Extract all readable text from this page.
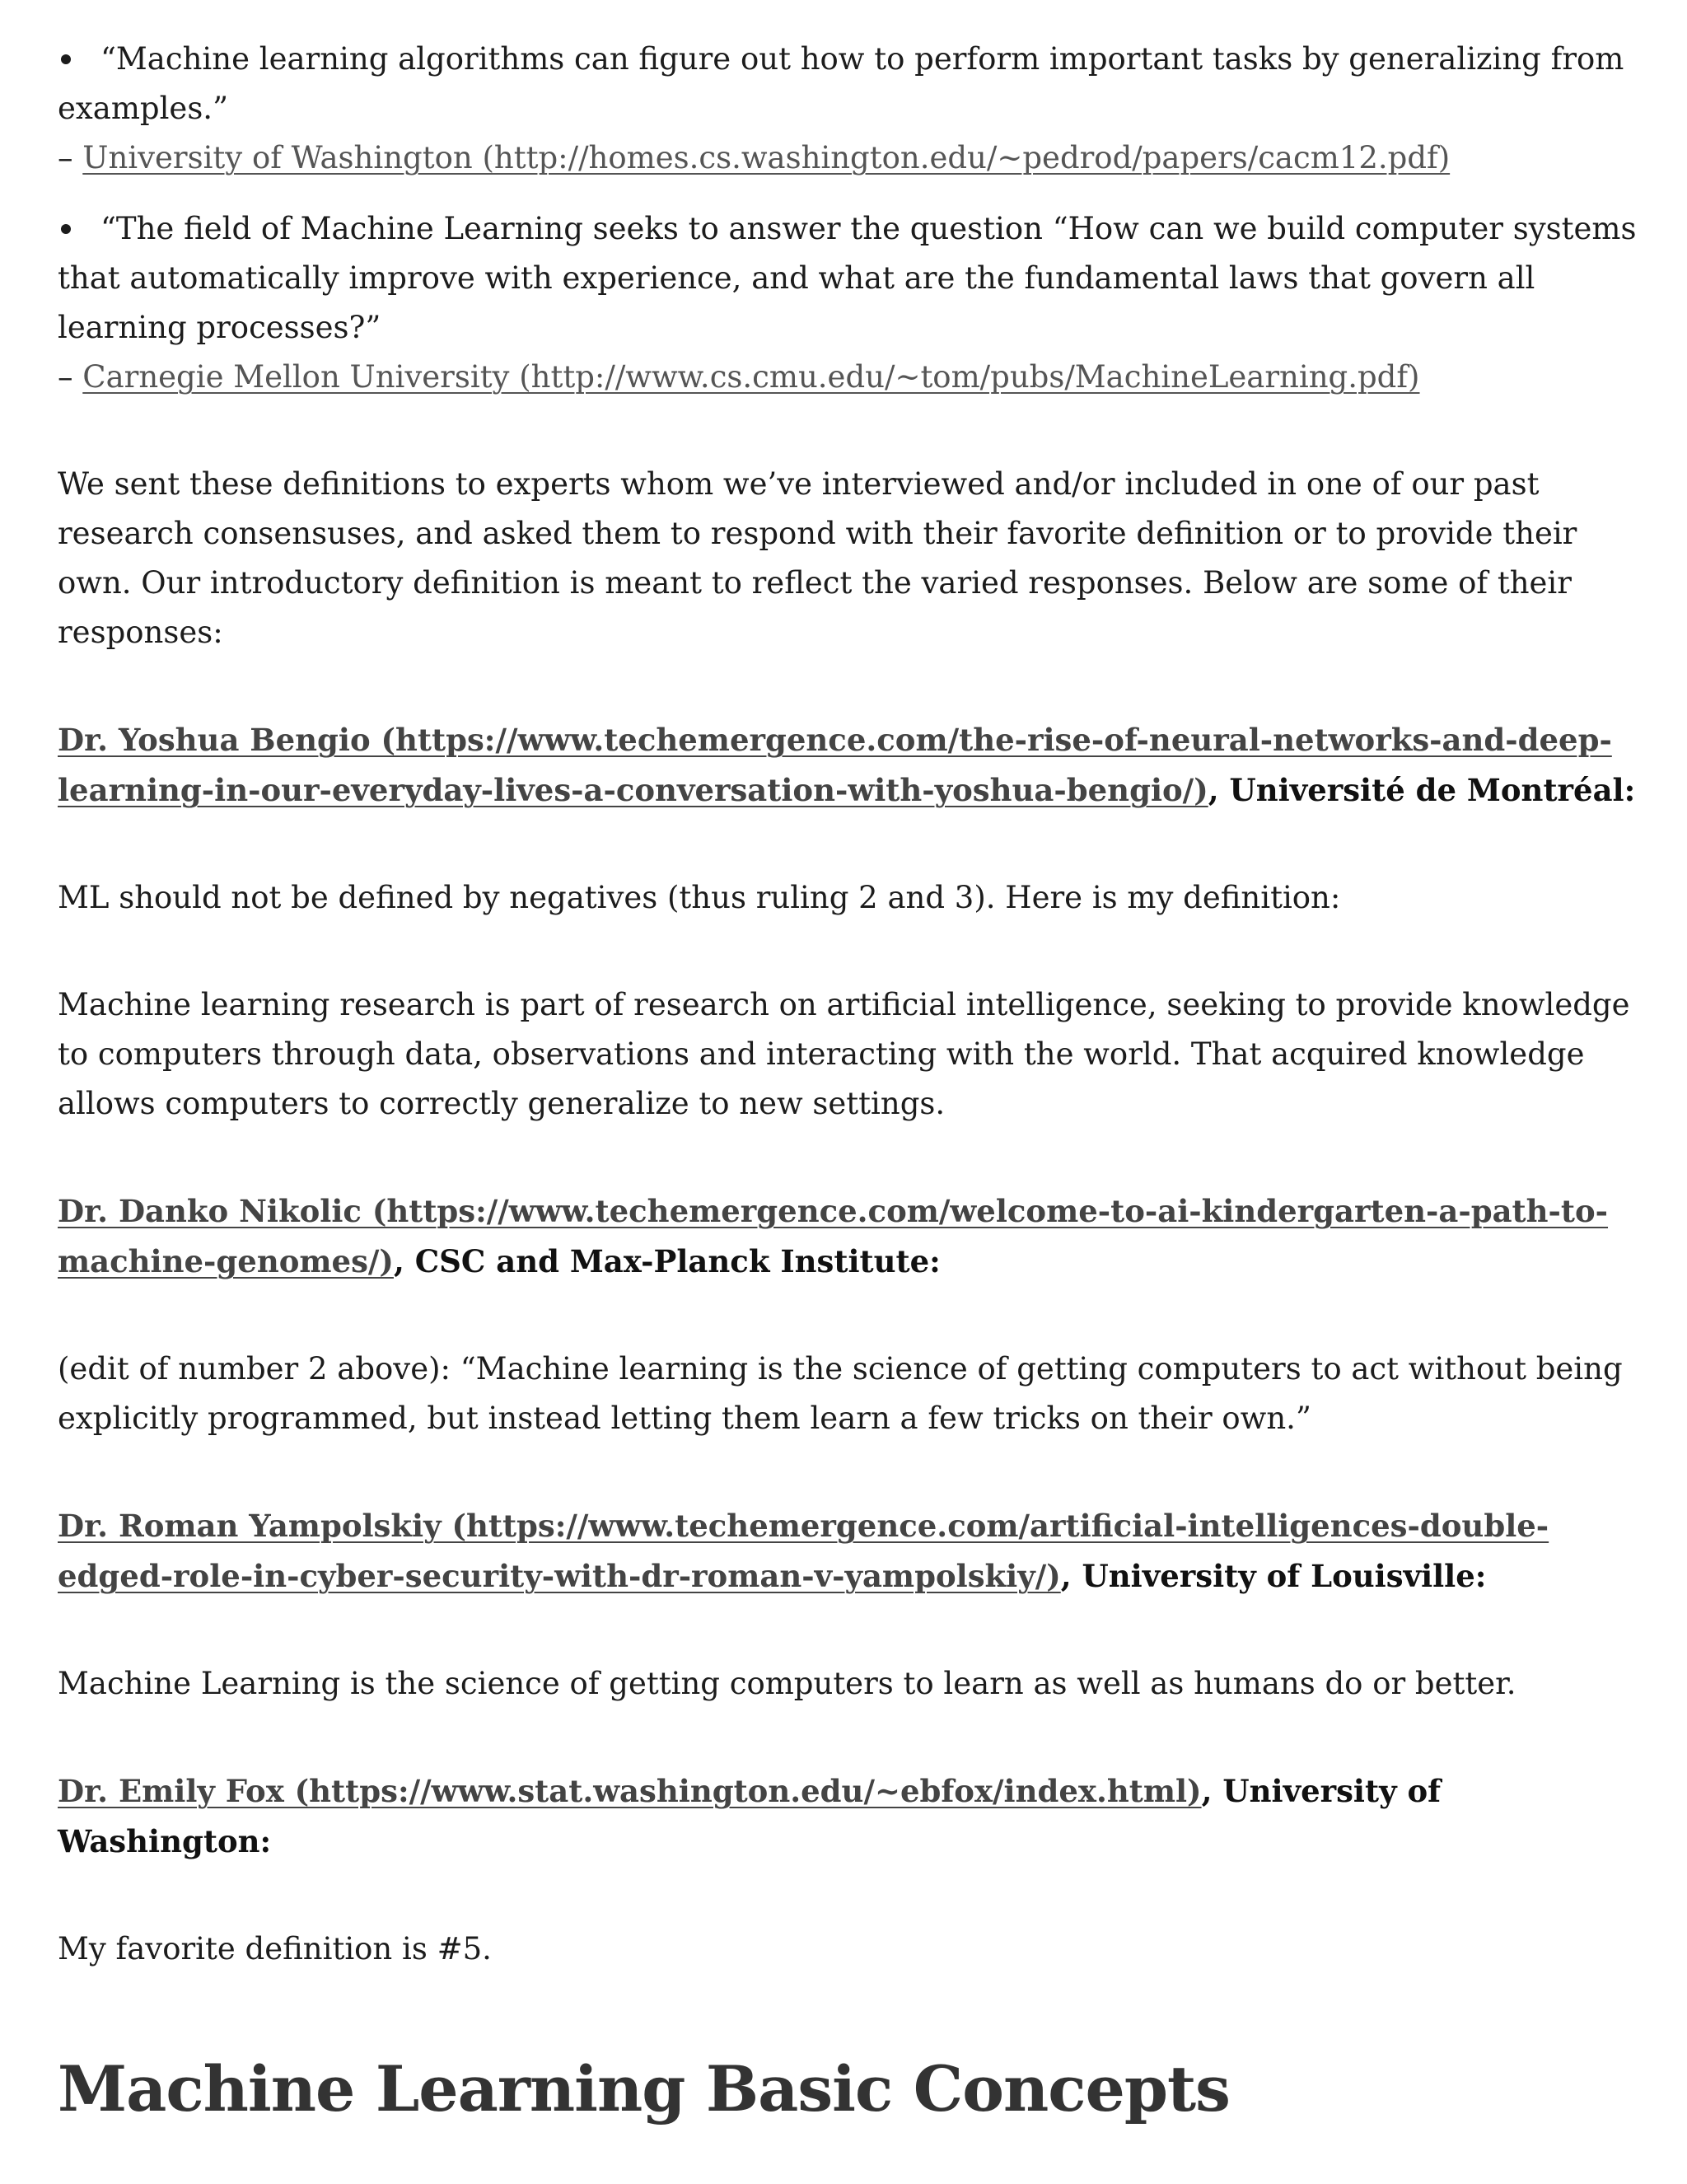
“Machine learning algorithms can figure out how to perform important tasks by generalizing from examples.”
– University of Washington (http://homes.cs.washington.edu/~pedrod/papers/cacm12.pdf)

“The field of Machine Learning seeks to answer the question “How can we build computer systems that automatically improve with experience, and what are the fundamental laws that govern all learning processes?”
– Carnegie Mellon University (http://www.cs.cmu.edu/~tom/pubs/MachineLearning.pdf)

We sent these definitions to experts whom we’ve interviewed and/or included in one of our past research consensuses, and asked them to respond with their favorite definition or to provide their own. Our introductory definition is meant to reflect the varied responses. Below are some of their responses:

Dr. Yoshua Bengio (https://www.techemergence.com/the-rise-of-neural-networks-and-deep-learning-in-our-everyday-lives-a-conversation-with-yoshua-bengio/), Université de Montréal:

ML should not be defined by negatives (thus ruling 2 and 3). Here is my definition:

Machine learning research is part of research on artificial intelligence, seeking to provide knowledge to computers through data, observations and interacting with the world. That acquired knowledge allows computers to correctly generalize to new settings.

Dr. Danko Nikolic (https://www.techemergence.com/welcome-to-ai-kindergarten-a-path-to-machine-genomes/), CSC and Max-Planck Institute:

(edit of number 2 above): “Machine learning is the science of getting computers to act without being explicitly programmed, but instead letting them learn a few tricks on their own.”

Dr. Roman Yampolskiy (https://www.techemergence.com/artificial-intelligences-double-edged-role-in-cyber-security-with-dr-roman-v-yampolskiy/), University of Louisville:

Machine Learning is the science of getting computers to learn as well as humans do or better.

Dr. Emily Fox (https://www.stat.washington.edu/~ebfox/index.html), University of Washington:

My favorite definition is #5.

Machine Learning Basic Concepts
